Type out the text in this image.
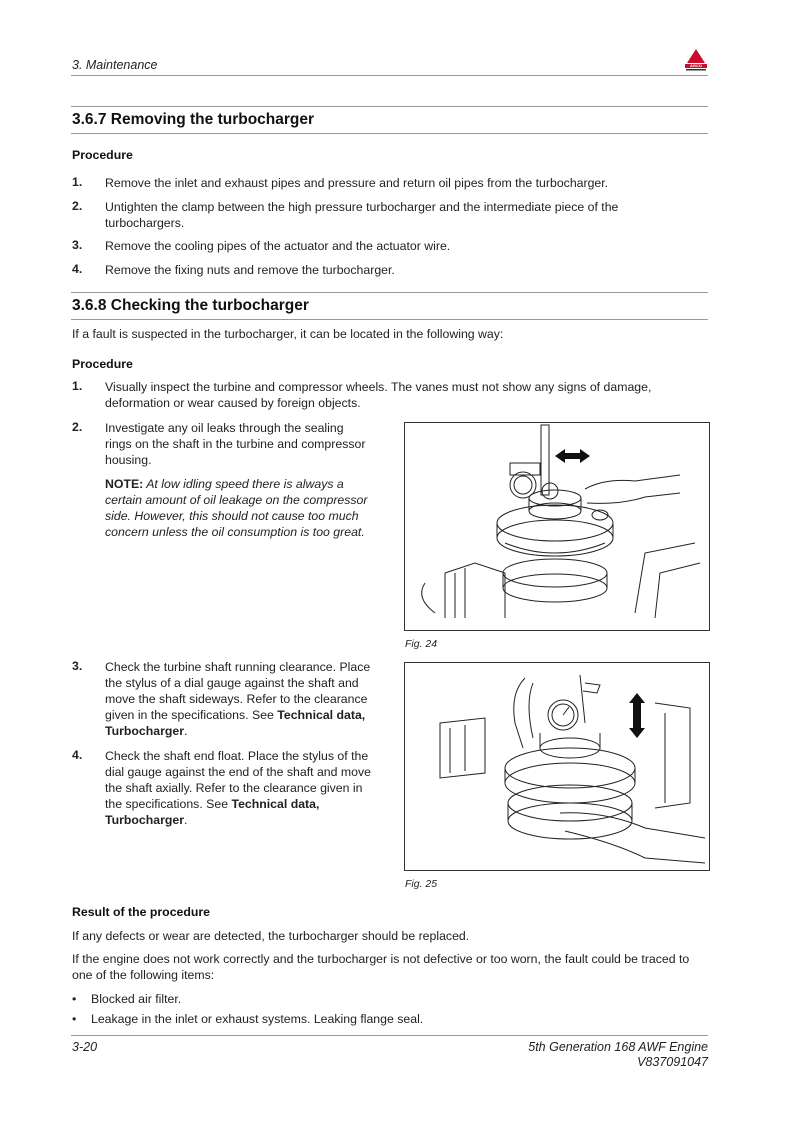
3. Maintenance	AGCO
3.6.7 Removing the turbocharger
Procedure
1.	Remove the inlet and exhaust pipes and pressure and return oil pipes from the turbocharger.
2.	Untighten the clamp between the high pressure turbocharger and the intermediate piece of the turbochargers.
3.	Remove the cooling pipes of the actuator and the actuator wire.
4.	Remove the fixing nuts and remove the turbocharger.
3.6.8 Checking the turbocharger
If a fault is suspected in the turbocharger, it can be located in the following way:
Procedure
1.	Visually inspect the turbine and compressor wheels. The vanes must not show any signs of damage, deformation or wear caused by foreign objects.
2.	Investigate any oil leaks through the sealing rings on the shaft in the turbine and compressor housing.
NOTE: At low idling speed there is always a certain amount of oil leakage on the compressor side. However, this should not cause too much concern unless the oil consumption is too great.
Fig. 24
3.	Check the turbine shaft running clearance. Place the stylus of a dial gauge against the shaft and move the shaft sideways. Refer to the clearance given in the specifications. See Technical data, Turbocharger.
4.	Check the shaft end float. Place the stylus of the dial gauge against the end of the shaft and move the shaft axially. Refer to the clearance given in the specifications. See Technical data, Turbocharger.
Fig. 25
Result of the procedure
If any defects or wear are detected, the turbocharger should be replaced.
If the engine does not work correctly and the turbocharger is not defective or too worn, the fault could be traced to one of the following items:
• Blocked air filter.
• Leakage in the inlet or exhaust systems. Leaking flange seal.
3-20	5th Generation 168 AWF Engine
V837091047
